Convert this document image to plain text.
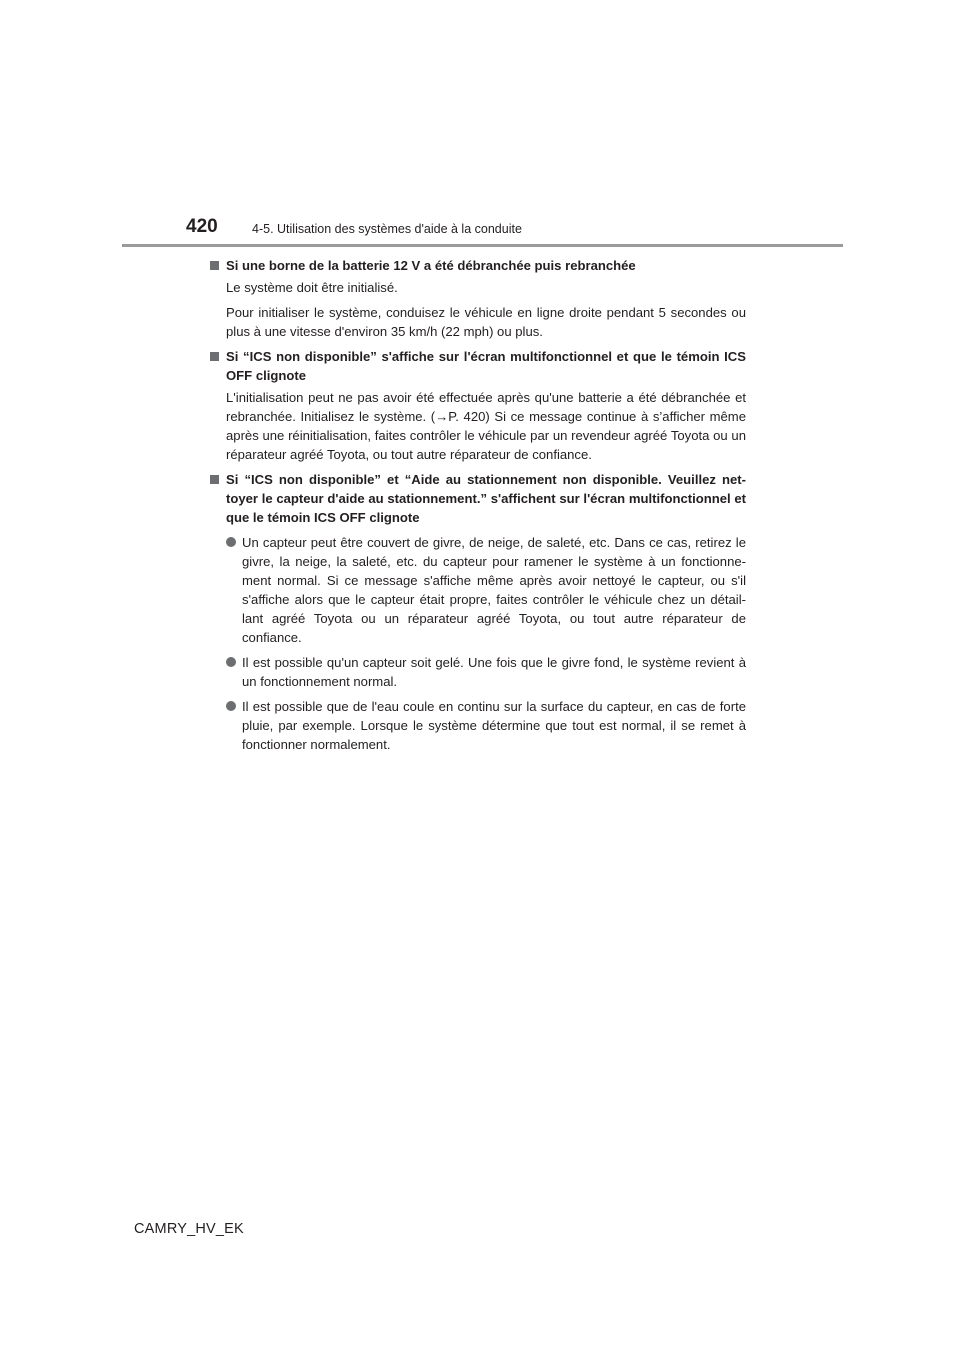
420	4-5. Utilisation des systèmes d'aide à la conduite
Si une borne de la batterie 12 V a été débranchée puis rebranchée
Le système doit être initialisé.
Pour initialiser le système, conduisez le véhicule en ligne droite pendant 5 secondes ou plus à une vitesse d'environ 35 km/h (22 mph) ou plus.
Si “ICS non disponible” s'affiche sur l'écran multifonctionnel et que le témoin ICS OFF clignote
L'initialisation peut ne pas avoir été effectuée après qu'une batterie a été débranchée et rebranchée. Initialisez le système. (→P. 420) Si ce message continue à s’afficher même après une réinitialisation, faites contrôler le véhicule par un revendeur agréé Toyota ou un réparateur agréé Toyota, ou tout autre réparateur de confiance.
Si “ICS non disponible” et “Aide au stationnement non disponible. Veuillez net-toyer le capteur d'aide au stationnement.” s'affichent sur l'écran multifonctionnel et que le témoin ICS OFF clignote
Un capteur peut être couvert de givre, de neige, de saleté, etc. Dans ce cas, retirez le givre, la neige, la saleté, etc. du capteur pour ramener le système à un fonctionne-ment normal. Si ce message s'affiche même après avoir nettoyé le capteur, ou s'il s'affiche alors que le capteur était propre, faites contrôler le véhicule chez un détail-lant agréé Toyota ou un réparateur agréé Toyota, ou tout autre réparateur de confiance.
Il est possible qu'un capteur soit gelé. Une fois que le givre fond, le système revient à un fonctionnement normal.
Il est possible que de l'eau coule en continu sur la surface du capteur, en cas de forte pluie, par exemple. Lorsque le système détermine que tout est normal, il se remet à fonctionner normalement.
CAMRY_HV_EK
